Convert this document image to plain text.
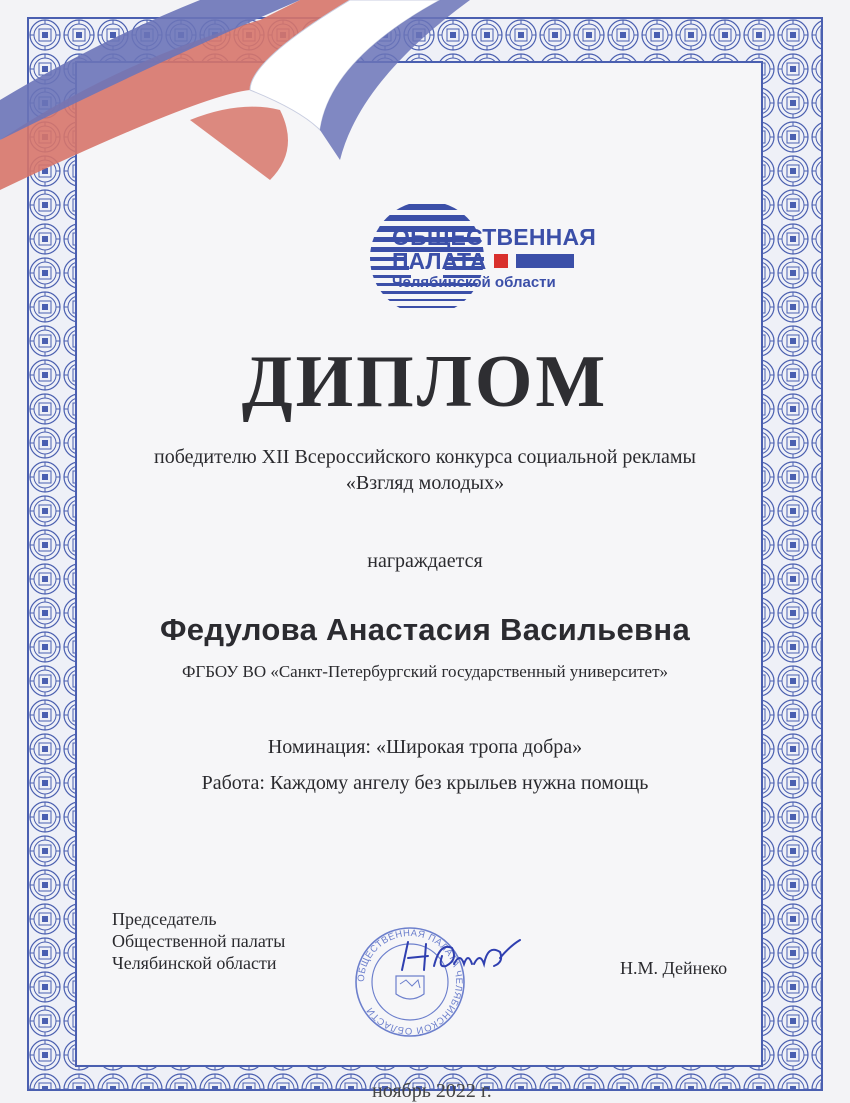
ОБЩЕСТВЕННАЯ
ПАЛАТА
Челябинской области
ДИПЛОМ
победителю XII Всероссийского конкурса социальной рекламы
«Взгляд молодых»
награждается
Федулова Анастасия Васильевна
ФГБОУ ВО «Санкт-Петербургский государственный университет»
Номинация: «Широкая тропа добра»
Работа: Каждому ангелу без крыльев нужна помощь
Председатель
Общественной палаты
Челябинской области
ОБЩЕСТВЕННАЯ ПАЛАТА ЧЕЛЯБИНСКОЙ ОБЛАСТИ
Н.М. Дейнеко
ноябрь 2022 г.
